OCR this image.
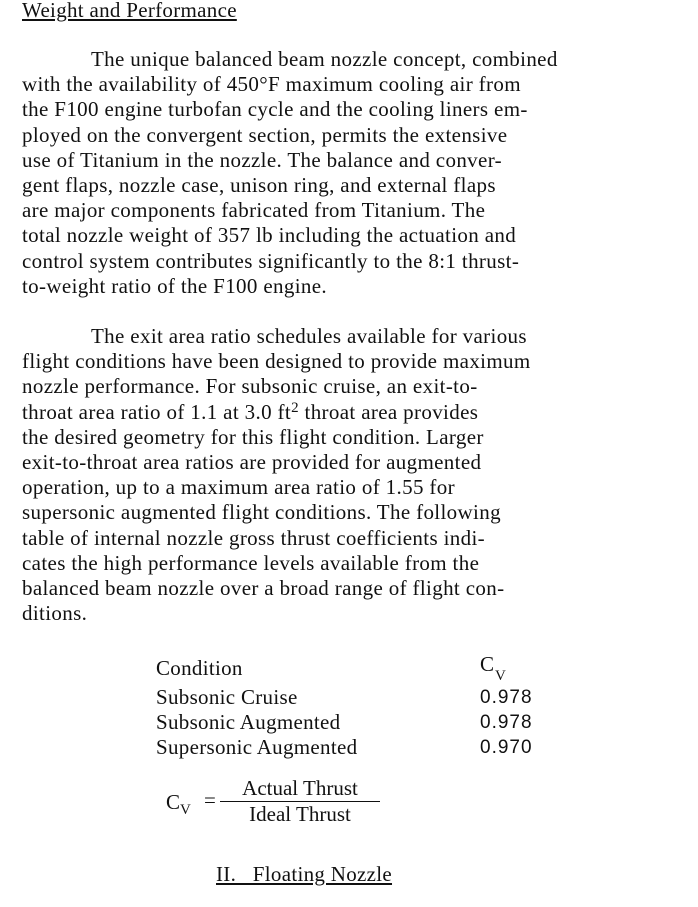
Weight and Performance

The unique balanced beam nozzle concept, combined
with the availability of 450°F maximum cooling air from
the F100 engine turbofan cycle and the cooling liners em-
ployed on the convergent section, permits the extensive
use of Titanium in the nozzle. The balance and conver-
gent flaps, nozzle case, unison ring, and external flaps
are major components fabricated from Titanium. The
total nozzle weight of 357 lb including the actuation and
control system contributes significantly to the 8:1 thrust-
to-weight ratio of the F100 engine.

The exit area ratio schedules available for various
flight conditions have been designed to provide maximum
nozzle performance. For subsonic cruise, an exit-to-
throat area ratio of 1.1 at 3.0 $ft^2$ throat area provides
the desired geometry for this flight condition. Larger
exit-to-throat area ratios are provided for augmented
operation, up to a maximum area ratio of 1.55 for
supersonic augmented flight conditions. The following
table of internal nozzle gross thrust coefficients indi-
cates the high performance levels available from the
balanced beam nozzle over a broad range of flight con-
ditions.

Condition	$C_V$
Subsonic Cruise	0.978
Subsonic Augmented	0.978
Supersonic Augmented	0.970
$C_V$ =	Actual Thrust
Ideal Thrust
II.   Floating Nozzle
